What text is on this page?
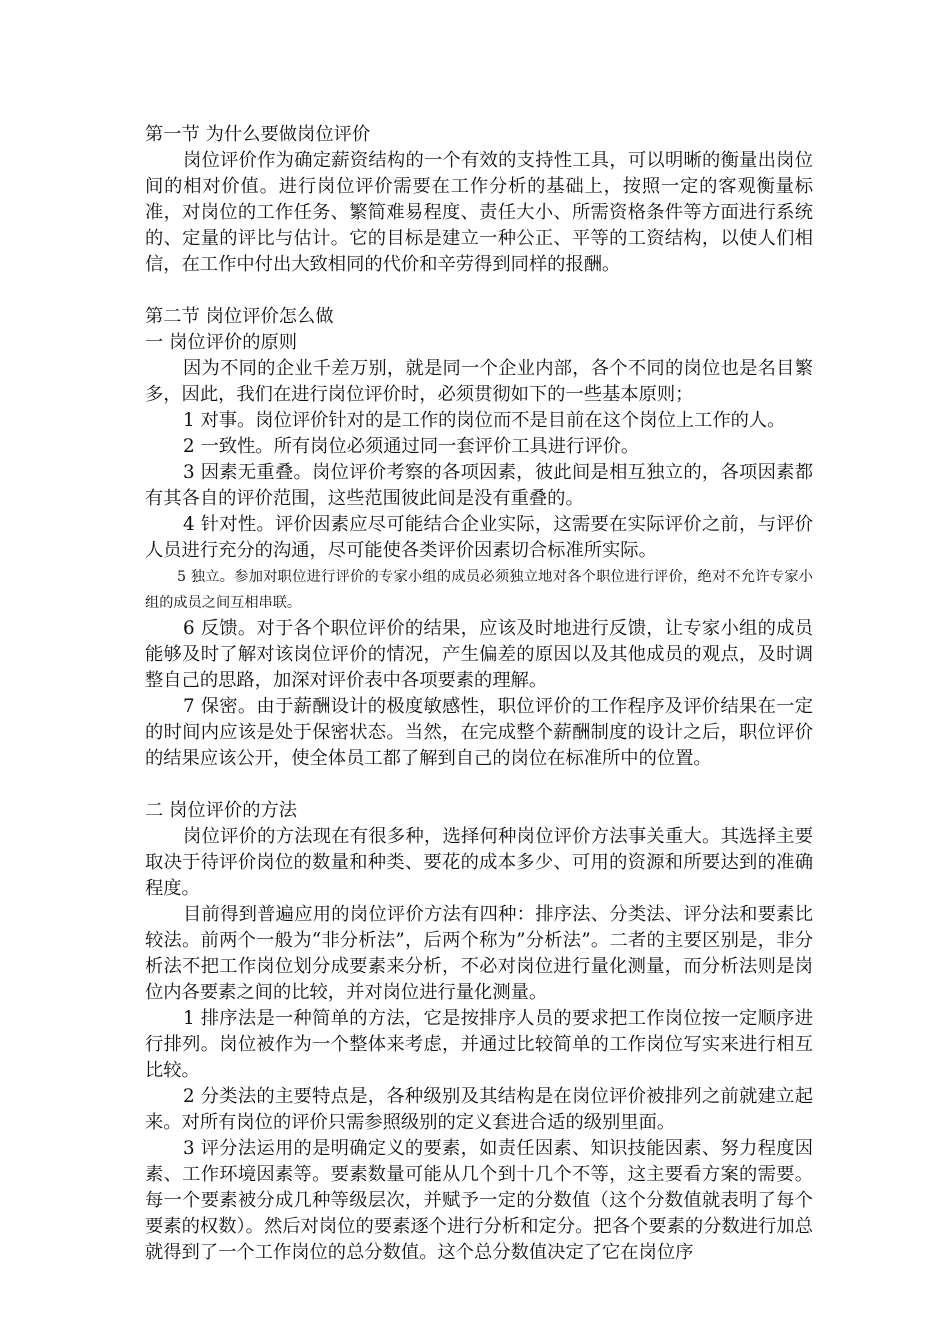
第一节 为什么要做岗位评价

岗位评价作为确定薪资结构的一个有效的支持性工具，可以明晰的衡量出岗位间的相对价值。进行岗位评价需要在工作分析的基础上，按照一定的客观衡量标准，对岗位的工作任务、繁简难易程度、责任大小、所需资格条件等方面进行系统的、定量的评比与估计。它的目标是建立一种公正、平等的工资结构，以使人们相信，在工作中付出大致相同的代价和辛劳得到同样的报酬。

第二节 岗位评价怎么做

一 岗位评价的原则

因为不同的企业千差万别，就是同一个企业内部，各个不同的岗位也是名目繁多，因此，我们在进行岗位评价时，必须贯彻如下的一些基本原则；

1 对事。岗位评价针对的是工作的岗位而不是目前在这个岗位上工作的人。

2 一致性。所有岗位必须通过同一套评价工具进行评价。

3 因素无重叠。岗位评价考察的各项因素，彼此间是相互独立的，各项因素都有其各自的评价范围，这些范围彼此间是没有重叠的。

4 针对性。评价因素应尽可能结合企业实际，这需要在实际评价之前，与评价人员进行充分的沟通，尽可能使各类评价因素切合标准所实际。

5 独立。参加对职位进行评价的专家小组的成员必须独立地对各个职位进行评价，绝对不允许专家小组的成员之间互相串联。

6 反馈。对于各个职位评价的结果，应该及时地进行反馈，让专家小组的成员能够及时了解对该岗位评价的情况，产生偏差的原因以及其他成员的观点，及时调整自己的思路，加深对评价表中各项要素的理解。

7 保密。由于薪酬设计的极度敏感性，职位评价的工作程序及评价结果在一定的时间内应该是处于保密状态。当然，在完成整个薪酬制度的设计之后，职位评价的结果应该公开，使全体员工都了解到自己的岗位在标准所中的位置。

二 岗位评价的方法

岗位评价的方法现在有很多种，选择何种岗位评价方法事关重大。其选择主要取决于待评价岗位的数量和种类、要花的成本多少、可用的资源和所要达到的准确程度。

目前得到普遍应用的岗位评价方法有四种：排序法、分类法、评分法和要素比较法。前两个一般为“非分析法”，后两个称为”分析法”。二者的主要区别是，非分析法不把工作岗位划分成要素来分析，不必对岗位进行量化测量，而分析法则是岗位内各要素之间的比较，并对岗位进行量化测量。

1 排序法是一种简单的方法，它是按排序人员的要求把工作岗位按一定顺序进行排列。岗位被作为一个整体来考虑，并通过比较简单的工作岗位写实来进行相互比较。

2 分类法的主要特点是，各种级别及其结构是在岗位评价被排列之前就建立起来。对所有岗位的评价只需参照级别的定义套进合适的级别里面。

3 评分法运用的是明确定义的要素，如责任因素、知识技能因素、努力程度因素、工作环境因素等。要素数量可能从几个到十几个不等，这主要看方案的需要。每一个要素被分成几种等级层次，并赋予一定的分数值（这个分数值就表明了每个要素的权数）。然后对岗位的要素逐个进行分析和定分。把各个要素的分数进行加总就得到了一个工作岗位的总分数值。这个总分数值决定了它在岗位序
